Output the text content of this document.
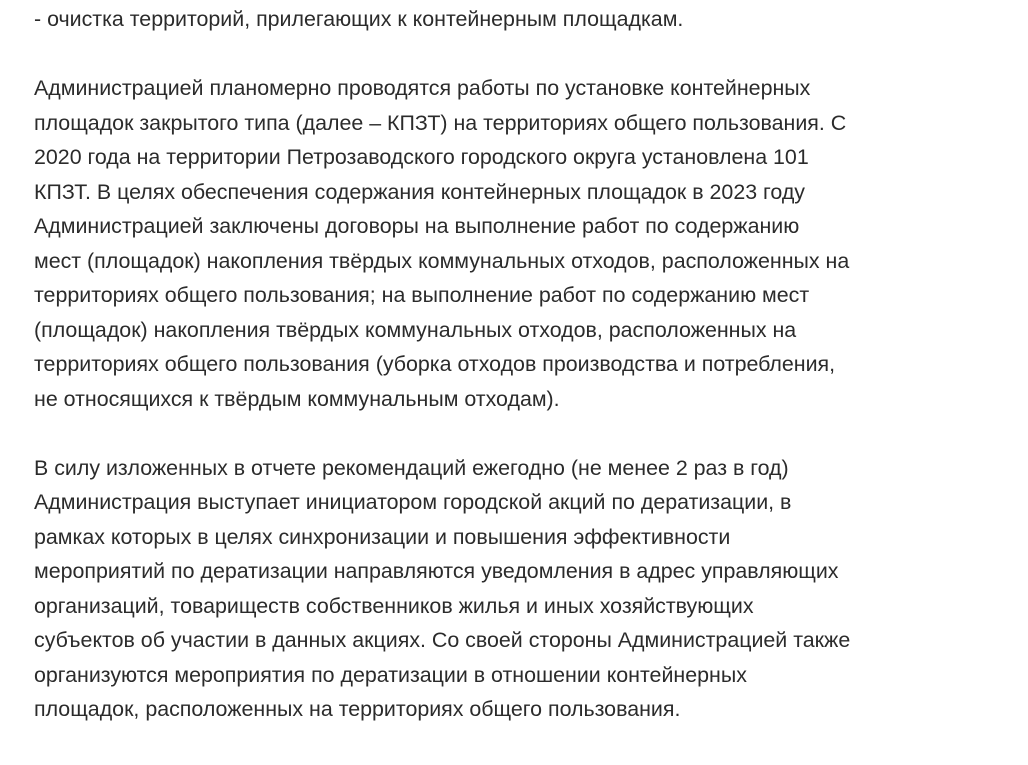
- очистка территорий, прилегающих к контейнерным площадкам.

Администрацией планомерно проводятся работы по установке контейнерных
площадок закрытого типа (далее – КПЗТ) на территориях общего пользования. С
2020 года на территории Петрозаводского городского округа установлена 101
КПЗТ. В целях обеспечения содержания контейнерных площадок в 2023 году
Администрацией заключены договоры на выполнение работ по содержанию
мест (площадок) накопления твёрдых коммунальных отходов, расположенных на
территориях общего пользования; на выполнение работ по содержанию мест
(площадок) накопления твёрдых коммунальных отходов, расположенных на
территориях общего пользования (уборка отходов производства и потребления,
не относящихся к твёрдым коммунальным отходам).

В силу изложенных в отчете рекомендаций ежегодно (не менее 2 раз в год)
Администрация выступает инициатором городской акций по дератизации, в
рамках которых в целях синхронизации и повышения эффективности
мероприятий по дератизации направляются уведомления в адрес управляющих
организаций, товариществ собственников жилья и иных хозяйствующих
субъектов об участии в данных акциях. Со своей стороны Администрацией также
организуются мероприятия по дератизации в отношении контейнерных
площадок, расположенных на территориях общего пользования.
